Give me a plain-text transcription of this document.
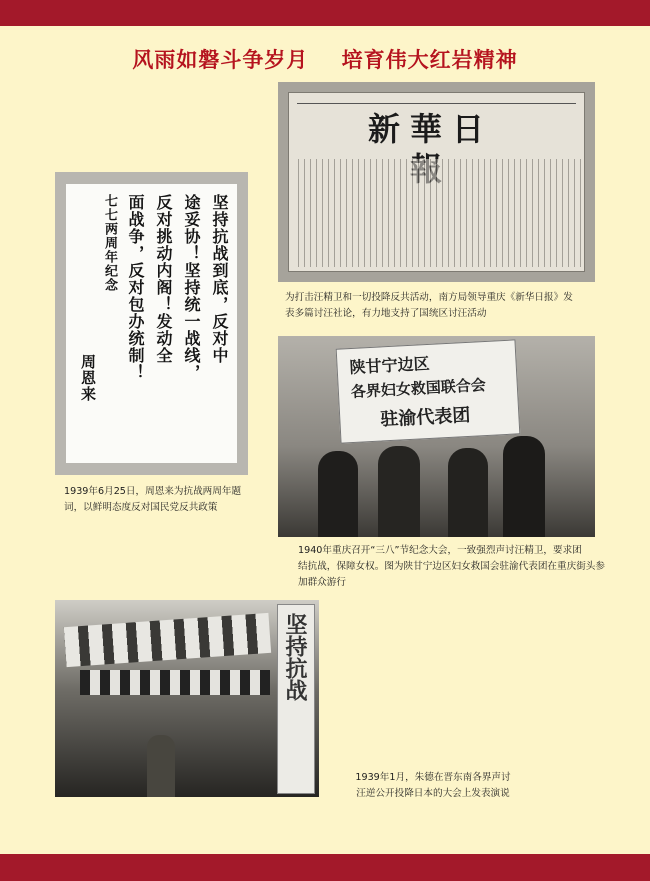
风雨如磐斗争岁月    培育伟大红岩精神
新華日
为打击汪精卫和一切投降反共活动，南方局领导重庆《新华日报》发
表多篇讨汪社论，有力地支持了国统区讨汪活动
坚持抗战到底，反对中
途妥协！坚持统一战线，
反对挑动内阁！发动全
面战争，反对包办统制！
七七两周年纪念
周恩来
1939年6月25日，周恩来为抗战两周年题
词，以鲜明态度反对国民党反共政策
陕甘宁边区
各界妇女救国联合会
驻渝代表团
1940年重庆召开“三八”节纪念大会，一致强烈声讨汪精卫，要求团
结抗战，保障女权。图为陕甘宁边区妇女救国会驻渝代表团在重庆街头参
加群众游行
坚持抗战
1939年1月，朱德在晋东南各界声讨
汪逆公开投降日本的大会上发表演说
